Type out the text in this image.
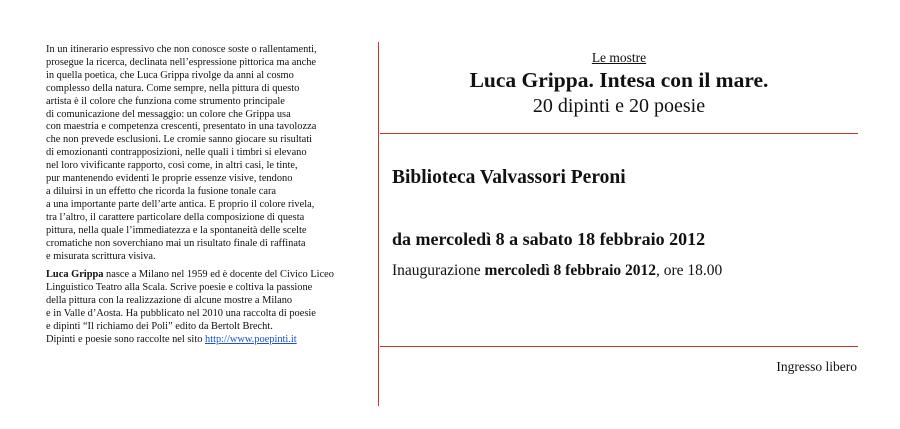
In un itinerario espressivo che non conosce soste o rallentamenti,
prosegue la ricerca, declinata nell’espressione pittorica ma anche
in quella poetica, che Luca Grippa rivolge da anni al cosmo
complesso della natura. Come sempre, nella pittura di questo
artista è il colore che funziona come strumento principale
di comunicazione del messaggio: un colore che Grippa usa
con maestria e competenza crescenti, presentato in una tavolozza
che non prevede esclusioni. Le cromie sanno giocare su risultati
di emozionanti contrapposizioni, nelle quali i timbri si elevano
nel loro vivificante rapporto, così come, in altri casi, le tinte,
pur mantenendo evidenti le proprie essenze visive, tendono
a diluirsi in un effetto che ricorda la fusione tonale cara
a una importante parte dell’arte antica. E proprio il colore rivela,
tra l’altro, il carattere particolare della composizione di questa
pittura, nella quale l’immediatezza e la spontaneità delle scelte
cromatiche non soverchiano mai un risultato finale di raffinata
e misurata scrittura visiva.

Luca Grippa nasce a Milano nel 1959 ed è docente del Civico Liceo
Linguistico Teatro alla Scala. Scrive poesie e coltiva la passione
della pittura con la realizzazione di alcune mostre a Milano
e in Valle d’Aosta. Ha pubblicato nel 2010 una raccolta di poesie
e dipinti “Il richiamo dei Poli” edito da Bertolt Brecht.
Dipinti e poesie sono raccolte nel sito http://www.poepinti.it

Le mostre
Luca Grippa. Intesa con il mare.
20 dipinti e 20 poesie
Biblioteca Valvassori Peroni
da mercoledì 8 a sabato 18 febbraio 2012
Inaugurazione mercoledì 8 febbraio 2012, ore 18.00
Ingresso libero
